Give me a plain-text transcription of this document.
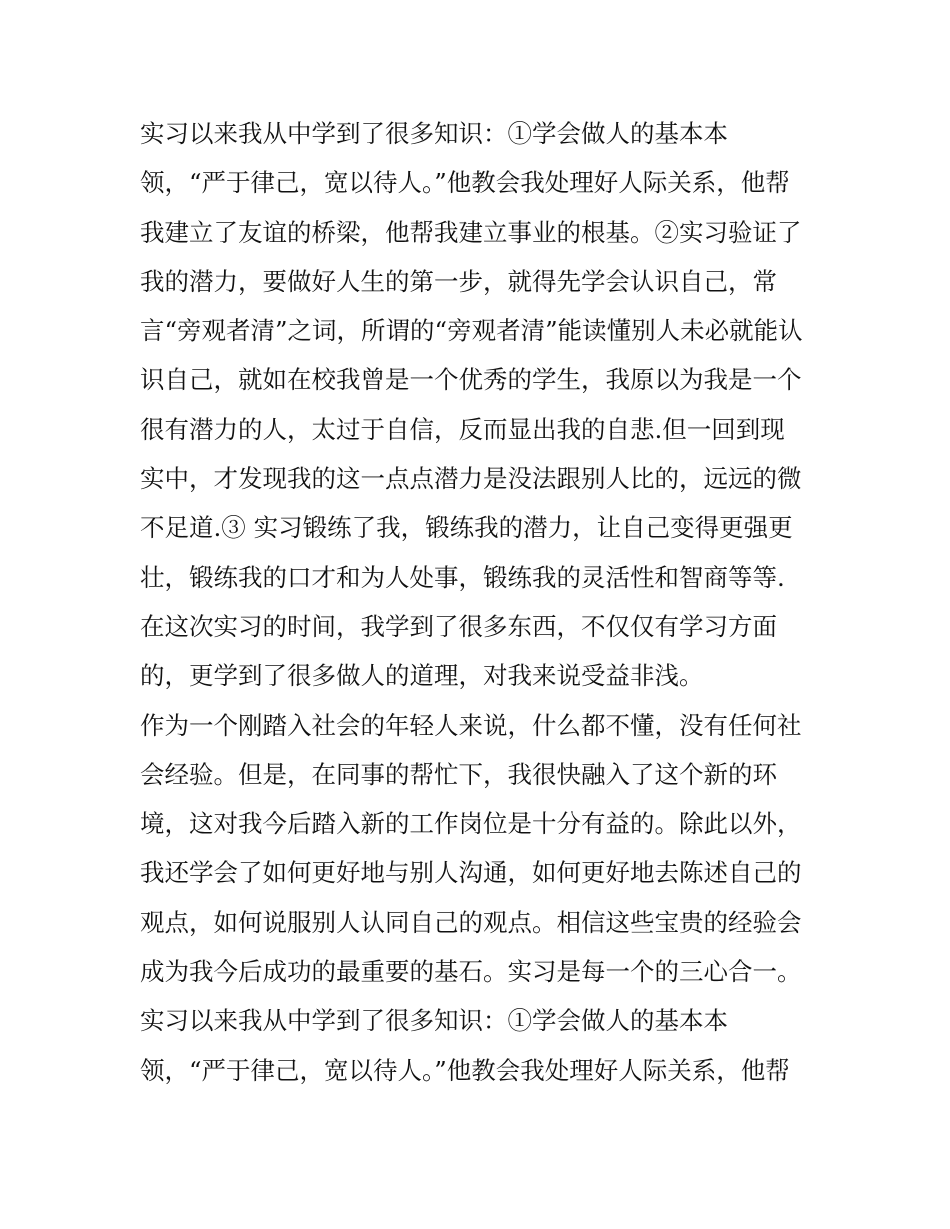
实习以来我从中学到了很多知识：①学会做人的基本本
领，“严于律己，宽以待人。”他教会我处理好人际关系，他帮
我建立了友谊的桥梁，他帮我建立事业的根基。②实习验证了
我的潜力，要做好人生的第一步，就得先学会认识自己，常
言“旁观者清”之词，所谓的“旁观者清”能读懂别人未必就能认
识自己，就如在校我曾是一个优秀的学生，我原以为我是一个
很有潜力的人，太过于自信，反而显出我的自悲.但一回到现
实中，才发现我的这一点点潜力是没法跟别人比的，远远的微
不足道.③ 实习锻练了我，锻练我的潜力，让自己变得更强更
壮，锻练我的口才和为人处事，锻练我的灵活性和智商等等.
在这次实习的时间，我学到了很多东西，不仅仅有学习方面
的，更学到了很多做人的道理，对我来说受益非浅。
作为一个刚踏入社会的年轻人来说，什么都不懂，没有任何社
会经验。但是，在同事的帮忙下，我很快融入了这个新的环
境，这对我今后踏入新的工作岗位是十分有益的。除此以外，
我还学会了如何更好地与别人沟通，如何更好地去陈述自己的
观点，如何说服别人认同自己的观点。相信这些宝贵的经验会
成为我今后成功的最重要的基石。实习是每一个的三心合一。
实习以来我从中学到了很多知识：①学会做人的基本本
领，“严于律己，宽以待人。”他教会我处理好人际关系，他帮
